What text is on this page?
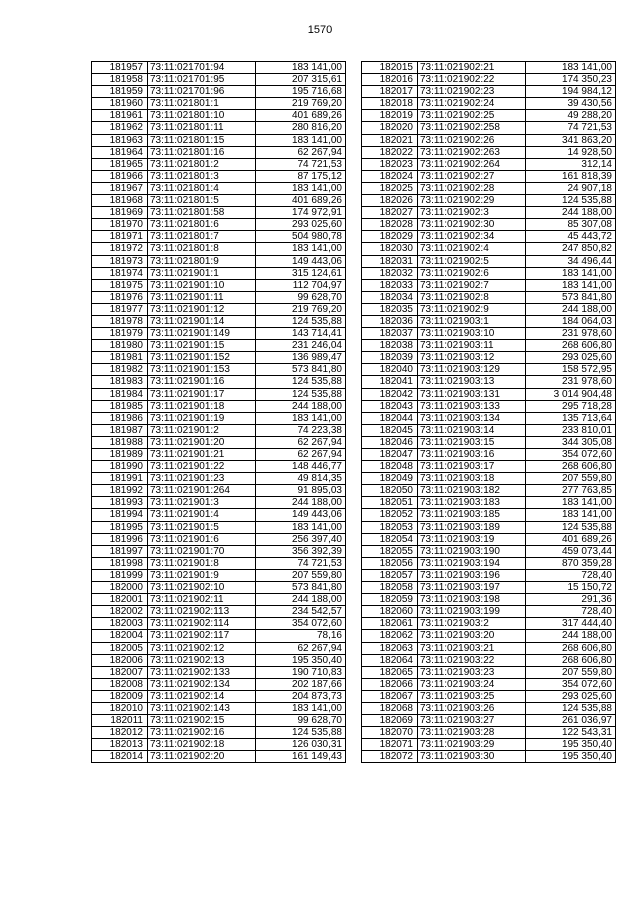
1570
181957	73:11:021701:94	183 141,00
181958	73:11:021701:95	207 315,61
181959	73:11:021701:96	195 716,68
181960	73:11:021801:1	219 769,20
181961	73:11:021801:10	401 689,26
181962	73:11:021801:11	280 816,20
181963	73:11:021801:15	183 141,00
181964	73:11:021801:16	62 267,94
181965	73:11:021801:2	74 721,53
181966	73:11:021801:3	87 175,12
181967	73:11:021801:4	183 141,00
181968	73:11:021801:5	401 689,26
181969	73:11:021801:58	174 972,91
181970	73:11:021801:6	293 025,60
181971	73:11:021801:7	504 980,78
181972	73:11:021801:8	183 141,00
181973	73:11:021801:9	149 443,06
181974	73:11:021901:1	315 124,61
181975	73:11:021901:10	112 704,97
181976	73:11:021901:11	99 628,70
181977	73:11:021901:12	219 769,20
181978	73:11:021901:14	124 535,88
181979	73:11:021901:149	143 714,41
181980	73:11:021901:15	231 246,04
181981	73:11:021901:152	136 989,47
181982	73:11:021901:153	573 841,80
181983	73:11:021901:16	124 535,88
181984	73:11:021901:17	124 535,88
181985	73:11:021901:18	244 188,00
181986	73:11:021901:19	183 141,00
181987	73:11:021901:2	74 223,38
181988	73:11:021901:20	62 267,94
181989	73:11:021901:21	62 267,94
181990	73:11:021901:22	148 446,77
181991	73:11:021901:23	49 814,35
181992	73:11:021901:264	91 895,03
181993	73:11:021901:3	244 188,00
181994	73:11:021901:4	149 443,06
181995	73:11:021901:5	183 141,00
181996	73:11:021901:6	256 397,40
181997	73:11:021901:70	356 392,39
181998	73:11:021901:8	74 721,53
181999	73:11:021901:9	207 559,80
182000	73:11:021902:10	573 841,80
182001	73:11:021902:11	244 188,00
182002	73:11:021902:113	234 542,57
182003	73:11:021902:114	354 072,60
182004	73:11:021902:117	78,16
182005	73:11:021902:12	62 267,94
182006	73:11:021902:13	195 350,40
182007	73:11:021902:133	190 710,83
182008	73:11:021902:134	202 187,66
182009	73:11:021902:14	204 873,73
182010	73:11:021902:143	183 141,00
182011	73:11:021902:15	99 628,70
182012	73:11:021902:16	124 535,88
182013	73:11:021902:18	126 030,31
182014	73:11:021902:20	161 149,43
182015	73:11:021902:21	183 141,00
182016	73:11:021902:22	174 350,23
182017	73:11:021902:23	194 984,12
182018	73:11:021902:24	39 430,56
182019	73:11:021902:25	49 288,20
182020	73:11:021902:258	74 721,53
182021	73:11:021902:26	341 863,20
182022	73:11:021902:263	14 928,50
182023	73:11:021902:264	312,14
182024	73:11:021902:27	161 818,39
182025	73:11:021902:28	24 907,18
182026	73:11:021902:29	124 535,88
182027	73:11:021902:3	244 188,00
182028	73:11:021902:30	85 307,08
182029	73:11:021902:34	45 443,72
182030	73:11:021902:4	247 850,82
182031	73:11:021902:5	34 496,44
182032	73:11:021902:6	183 141,00
182033	73:11:021902:7	183 141,00
182034	73:11:021902:8	573 841,80
182035	73:11:021902:9	244 188,00
182036	73:11:021903:1	184 064,03
182037	73:11:021903:10	231 978,60
182038	73:11:021903:11	268 606,80
182039	73:11:021903:12	293 025,60
182040	73:11:021903:129	158 572,95
182041	73:11:021903:13	231 978,60
182042	73:11:021903:131	3 014 904,48
182043	73:11:021903:133	295 718,28
182044	73:11:021903:134	135 713,64
182045	73:11:021903:14	233 810,01
182046	73:11:021903:15	344 305,08
182047	73:11:021903:16	354 072,60
182048	73:11:021903:17	268 606,80
182049	73:11:021903:18	207 559,80
182050	73:11:021903:182	277 763,85
182051	73:11:021903:183	183 141,00
182052	73:11:021903:185	183 141,00
182053	73:11:021903:189	124 535,88
182054	73:11:021903:19	401 689,26
182055	73:11:021903:190	459 073,44
182056	73:11:021903:194	870 359,28
182057	73:11:021903:196	728,40
182058	73:11:021903:197	15 150,72
182059	73:11:021903:198	291,36
182060	73:11:021903:199	728,40
182061	73:11:021903:2	317 444,40
182062	73:11:021903:20	244 188,00
182063	73:11:021903:21	268 606,80
182064	73:11:021903:22	268 606,80
182065	73:11:021903:23	207 559,80
182066	73:11:021903:24	354 072,60
182067	73:11:021903:25	293 025,60
182068	73:11:021903:26	124 535,88
182069	73:11:021903:27	261 036,97
182070	73:11:021903:28	122 543,31
182071	73:11:021903:29	195 350,40
182072	73:11:021903:30	195 350,40
